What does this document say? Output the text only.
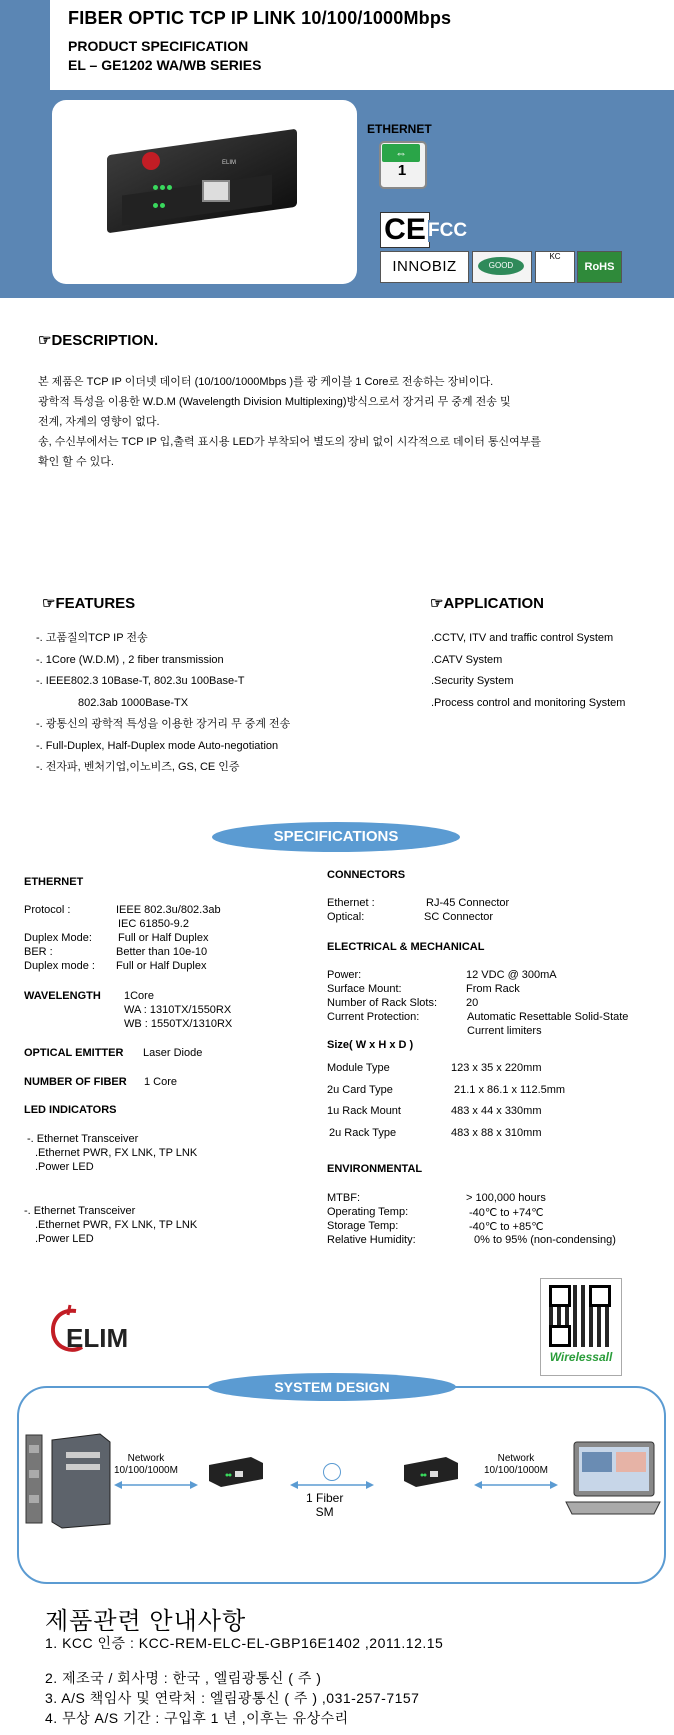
FIBER OPTIC TCP IP LINK 10/100/1000Mbps
PRODUCT SPECIFICATION
EL – GE1202 WA/WB SERIES

ELIM
ETHERNET
⇔
1
CE FCC
INNOBIZ	GOOD
KC
RoHS
☞DESCRIPTION.
본 제품은 TCP IP 이더넷 데이터 (10/100/1000Mbps )를 광 케이블 1 Core로 전송하는 장비이다.
광학적 특성을 이용한 W.D.M (Wavelength Division Multiplexing)방식으로서 장거리 무 중계 전송 및
전계, 자계의 영향이 없다.
송, 수신부에서는 TCP IP 입,출력 표시용 LED가 부착되어 별도의 장비 없이 시각적으로 데이터 통신여부를
확인 할 수 있다.
☞FEATURES	☞APPLICATION
-. 고품질의TCP IP 전송
-. 1Core (W.D.M) , 2 fiber transmission
-. IEEE802.3 10Base-T, 802.3u 100Base-T
802.3ab 1000Base-TX
-. 광통신의 광학적 특성을 이용한 장거리 무 중계 전송
-. Full-Duplex, Half-Duplex mode Auto-negotiation
-. 전자파, 벤처기업,이노비즈, GS, CE 인증
.CCTV, ITV and traffic control System
.CATV System
.Security System
.Process control and monitoring System
SPECIFICATIONS
ETHERNET
Protocol :	IEEE 802.3u/802.3ab
IEC 61850-9.2
Duplex Mode: Full or Half Duplex
BER :	Better than 10e-10
Duplex mode : Full or Half Duplex
WAVELENGTH 1Core
WA : 1310TX/1550RX
WB : 1550TX/1310RX
OPTICAL EMITTER Laser Diode
NUMBER OF FIBER 1 Core
LED INDICATORS
-. Ethernet Transceiver
.Ethernet PWR, FX LNK, TP LNK
.Power LED
-. Ethernet Transceiver
.Ethernet PWR, FX LNK, TP LNK
.Power LED
CONNECTORS
Ethernet :	RJ-45 Connector
Optical:	SC Connector
ELECTRICAL & MECHANICAL
Power:	12 VDC @ 300mA
Surface Mount:	From Rack
Number of Rack Slots:	20
Current Protection:	Automatic Resettable Solid-State
Current limiters
Size( W x H x D )
Module Type	123 x 35 x 220mm
2u Card Type	21.1 x 86.1 x 112.5mm
1u Rack Mount	483 x 44 x 330mm
2u Rack Type	483 x 88 x 310mm
ENVIRONMENTAL
MTBF:	> 100,000 hours
Operating Temp:	-40℃ to +74℃
Storage Temp:	-40℃ to +85℃
Relative Humidity:	0% to 95% (non-condensing)
ELIM
Wirelessall
SYSTEM DESIGN
Network
10/100/1000M
Network
10/100/1000M
1 Fiber
SM
제품관련 안내사항
1. KCC 인증 : KCC-REM-ELC-EL-GBP16E1402 ,2011.12.15
2. 제조국 / 회사명 : 한국 , 엘림광통신 ( 주 )
3. A/S 책임사 및 연락처 : 엘림광통신 ( 주 ) ,031-257-7157
4. 무상 A/S 기간 : 구입후 1 년 ,이후는 유상수리
